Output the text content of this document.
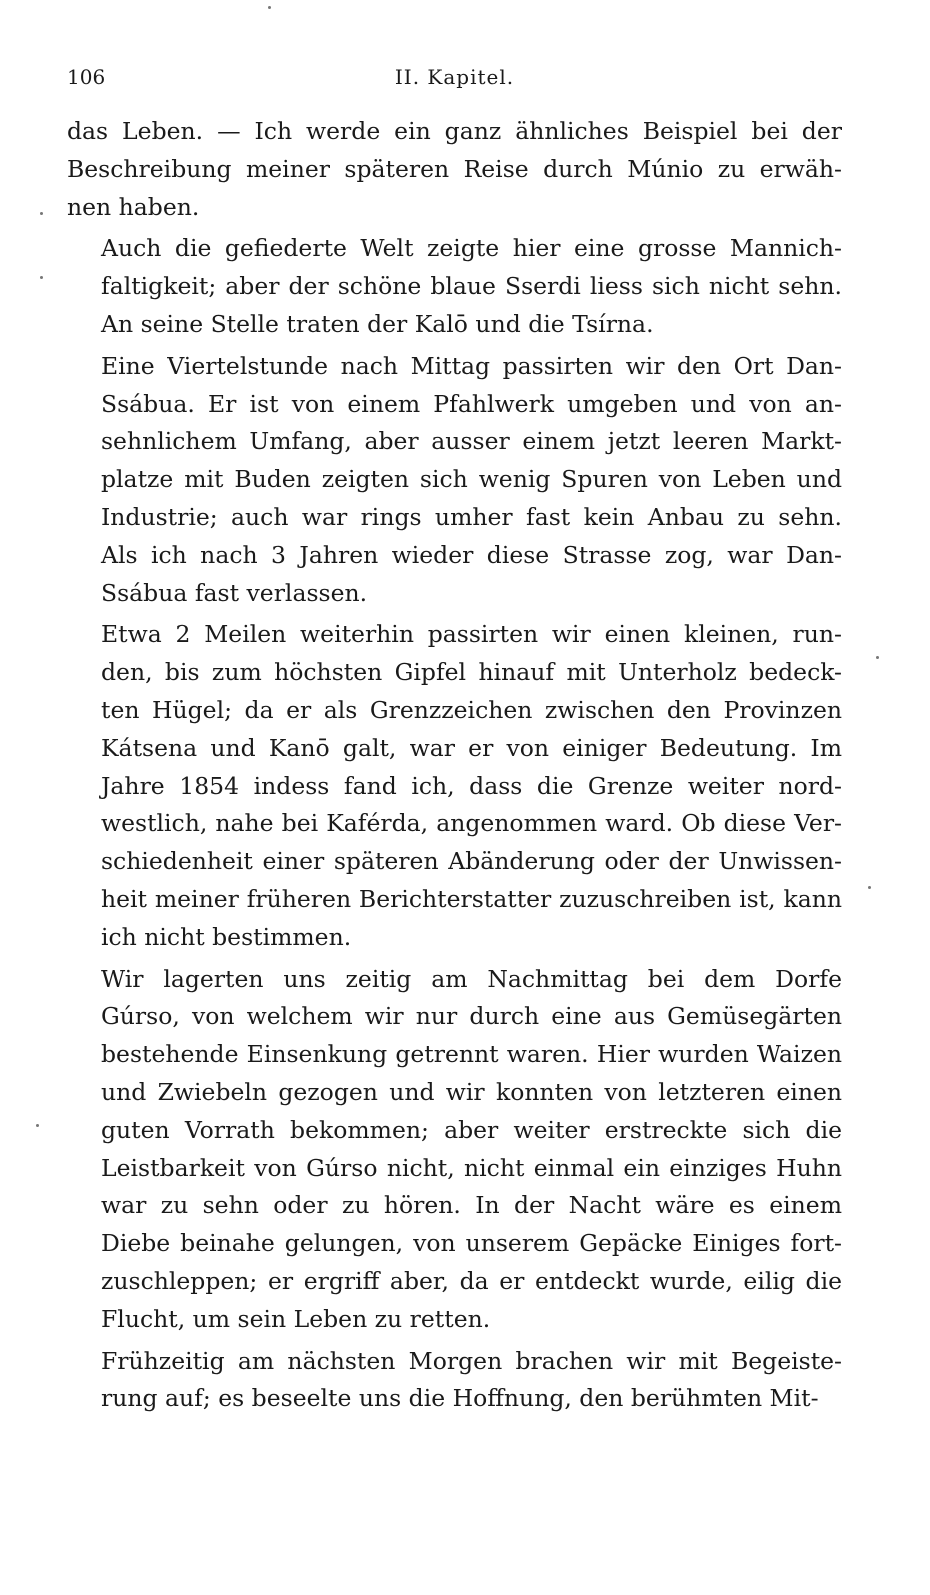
106	II. Kapitel.

das Leben. — Ich werde ein ganz ähnliches Beispiel bei der
Beschreibung meiner späteren Reise durch Múnio zu erwäh-
nen haben.

Auch die gefiederte Welt zeigte hier eine grosse Mannich-
faltigkeit; aber der schöne blaue Sserdi liess sich nicht sehn.
An seine Stelle traten der Kalō und die Tsírna.

Eine Viertelstunde nach Mittag passirten wir den Ort Dan-
Ssábua. Er ist von einem Pfahlwerk umgeben und von an-
sehnlichem Umfang, aber ausser einem jetzt leeren Markt-
platze mit Buden zeigten sich wenig Spuren von Leben und
Industrie; auch war rings umher fast kein Anbau zu sehn.
Als ich nach 3 Jahren wieder diese Strasse zog, war Dan-
Ssábua fast verlassen.

Etwa 2 Meilen weiterhin passirten wir einen kleinen, run-
den, bis zum höchsten Gipfel hinauf mit Unterholz bedeck-
ten Hügel; da er als Grenzzeichen zwischen den Provinzen
Kátsena und Kanō galt, war er von einiger Bedeutung. Im
Jahre 1854 indess fand ich, dass die Grenze weiter nord-
westlich, nahe bei Kaférda, angenommen ward. Ob diese Ver-
schiedenheit einer späteren Abänderung oder der Unwissen-
heit meiner früheren Berichterstatter zuzuschreiben ist, kann
ich nicht bestimmen.

Wir lagerten uns zeitig am Nachmittag bei dem Dorfe
Gúrso, von welchem wir nur durch eine aus Gemüsegärten
bestehende Einsenkung getrennt waren. Hier wurden Waizen
und Zwiebeln gezogen und wir konnten von letzteren einen
guten Vorrath bekommen; aber weiter erstreckte sich die
Leistbarkeit von Gúrso nicht, nicht einmal ein einziges Huhn
war zu sehn oder zu hören. In der Nacht wäre es einem
Diebe beinahe gelungen, von unserem Gepäcke Einiges fort-
zuschleppen; er ergriff aber, da er entdeckt wurde, eilig die
Flucht, um sein Leben zu retten.

Frühzeitig am nächsten Morgen brachen wir mit Begeiste-
rung auf; es beseelte uns die Hoffnung, den berühmten Mit-
